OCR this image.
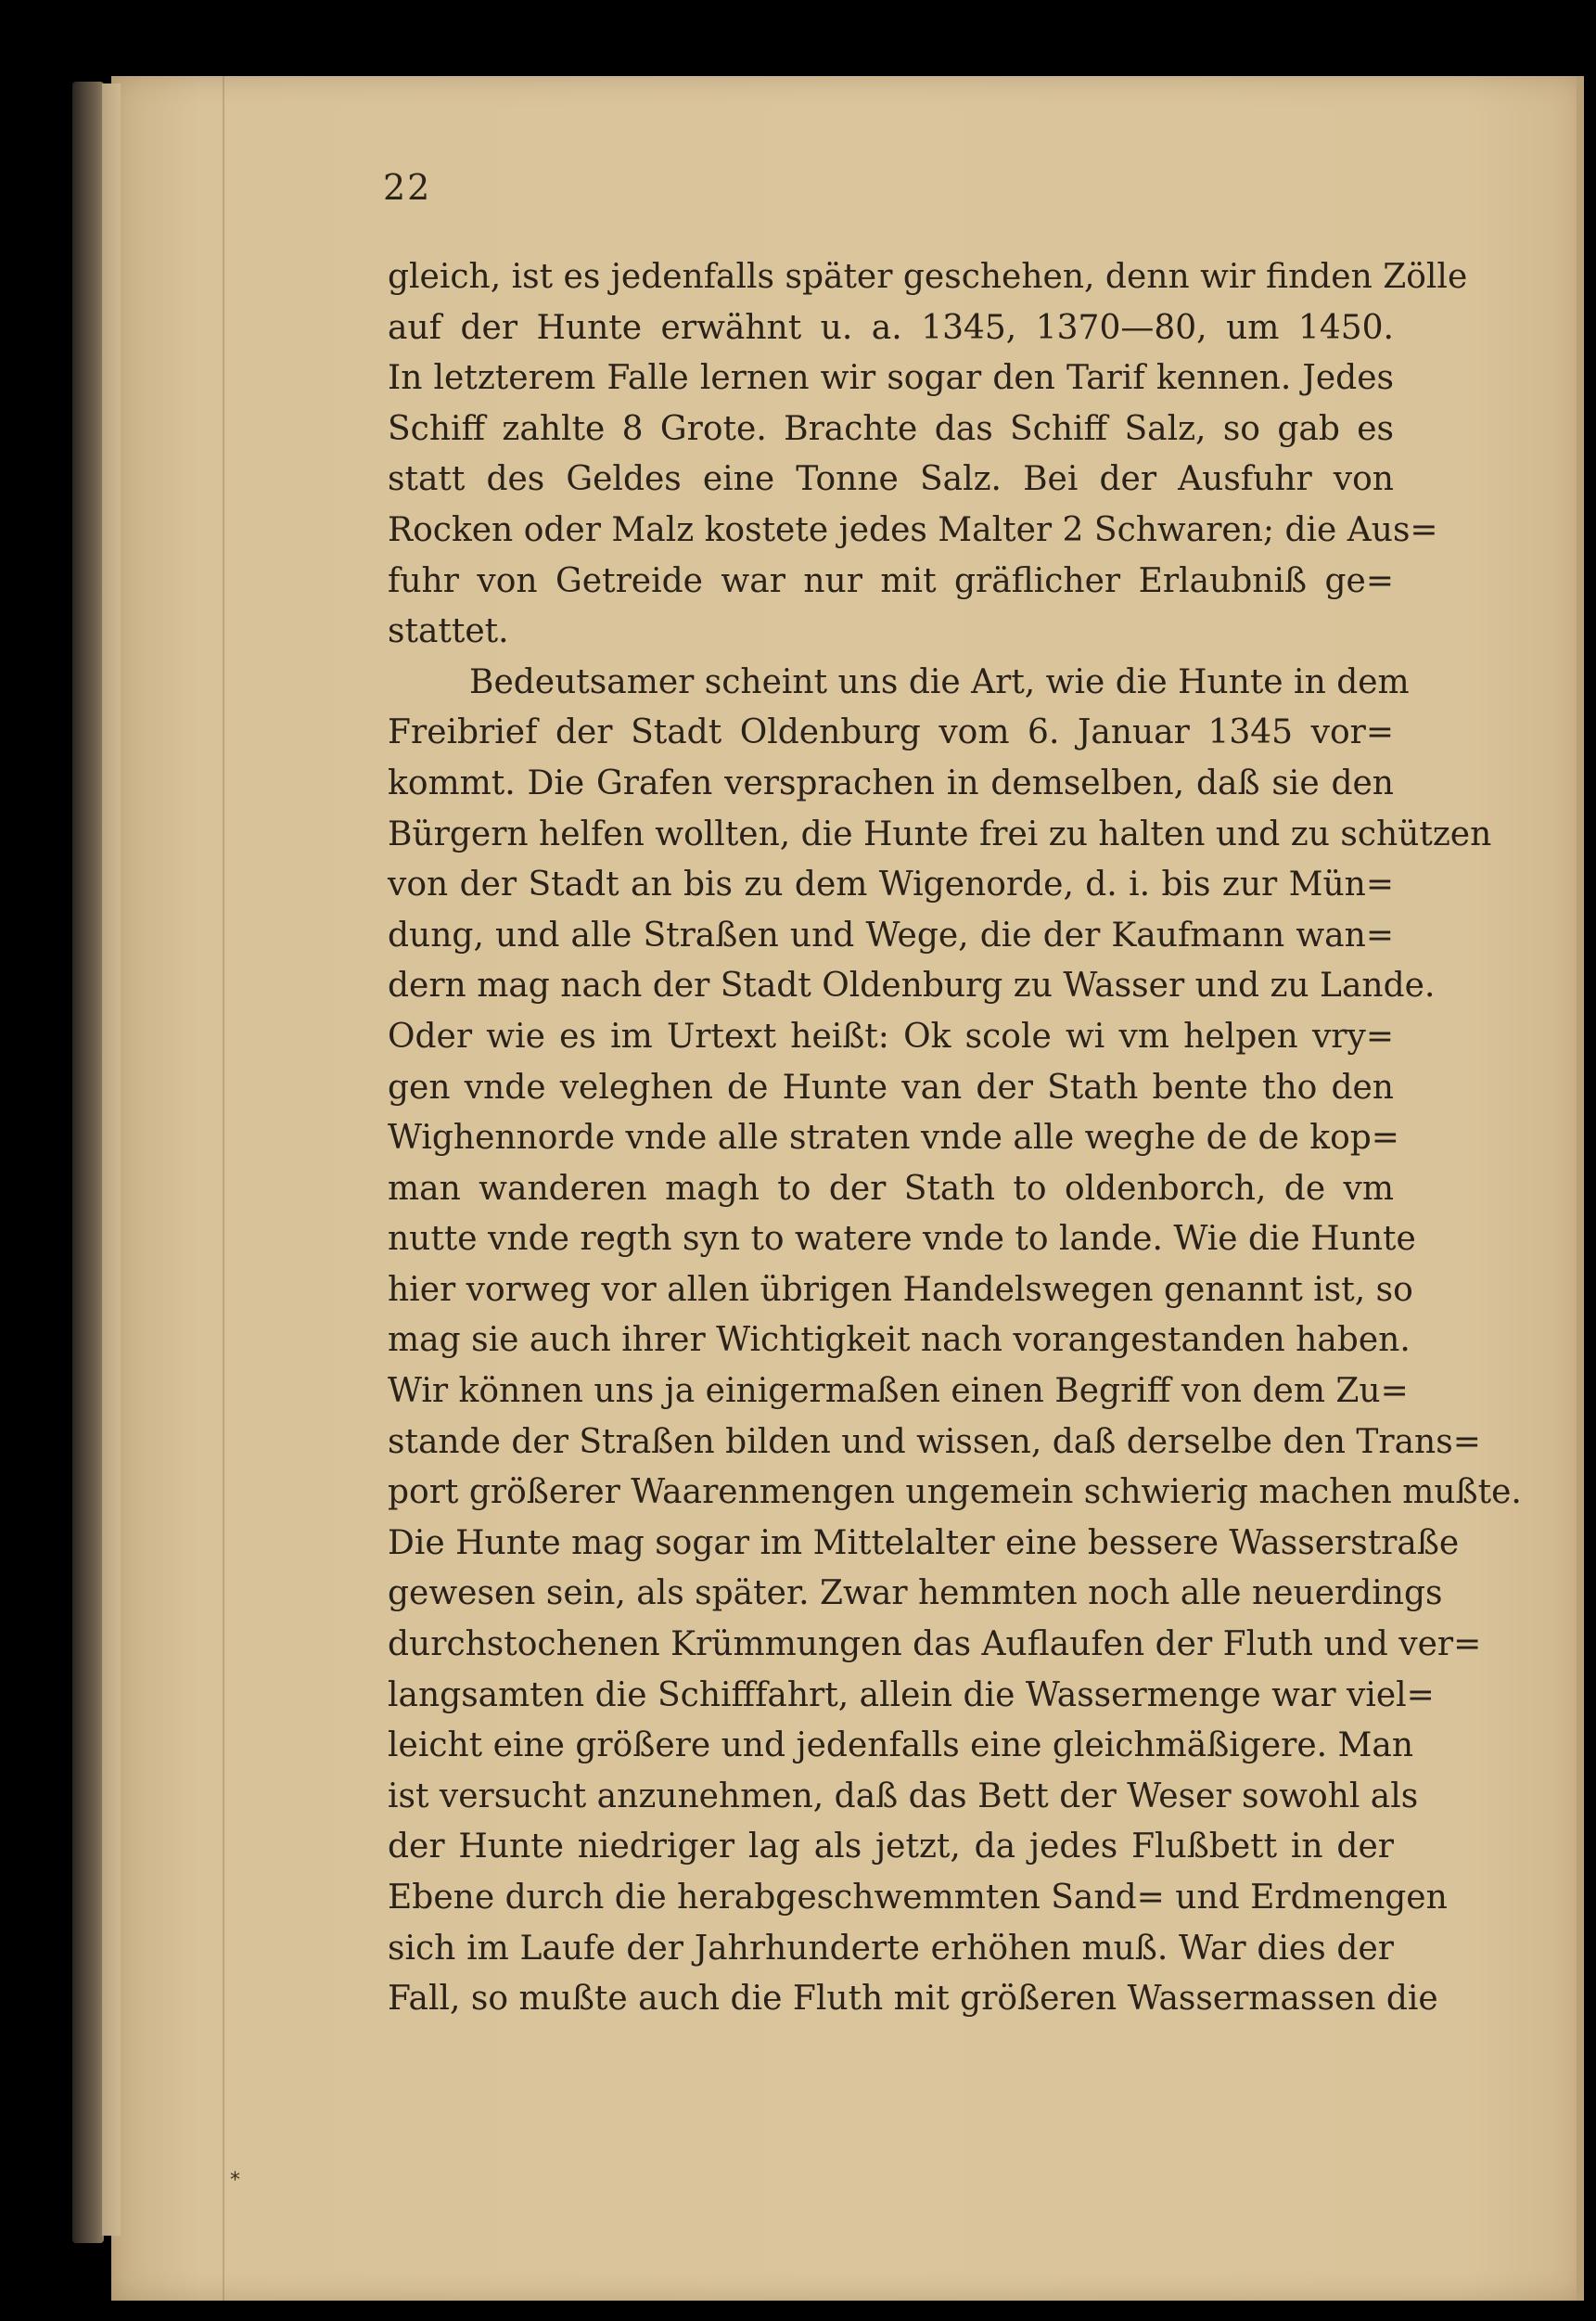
22
gleich, ist es jedenfalls später geschehen, denn wir finden Zölle
auf der Hunte erwähnt u. a. 1345, 1370—80, um 1450.
In letzterem Falle lernen wir sogar den Tarif kennen. Jedes
Schiff zahlte 8 Grote. Brachte das Schiff Salz, so gab es
statt des Geldes eine Tonne Salz. Bei der Ausfuhr von
Rocken oder Malz kostete jedes Malter 2 Schwaren; die Aus=
fuhr von Getreide war nur mit gräflicher Erlaubniß ge=
stattet.
Bedeutsamer scheint uns die Art, wie die Hunte in dem
Freibrief der Stadt Oldenburg vom 6. Januar 1345 vor=
kommt. Die Grafen versprachen in demselben, daß sie den
Bürgern helfen wollten, die Hunte frei zu halten und zu schützen
von der Stadt an bis zu dem Wigenorde, d. i. bis zur Mün=
dung, und alle Straßen und Wege, die der Kaufmann wan=
dern mag nach der Stadt Oldenburg zu Wasser und zu Lande.
Oder wie es im Urtext heißt: Ok scole wi vm helpen vry=
gen vnde veleghen de Hunte van der Stath bente tho den
Wighennorde vnde alle straten vnde alle weghe de de kop=
man wanderen magh to der Stath to oldenborch, de vm
nutte vnde regth syn to watere vnde to lande. Wie die Hunte
hier vorweg vor allen übrigen Handelswegen genannt ist, so
mag sie auch ihrer Wichtigkeit nach vorangestanden haben.
Wir können uns ja einigermaßen einen Begriff von dem Zu=
stande der Straßen bilden und wissen, daß derselbe den Trans=
port größerer Waarenmengen ungemein schwierig machen mußte.
Die Hunte mag sogar im Mittelalter eine bessere Wasserstraße
gewesen sein, als später. Zwar hemmten noch alle neuerdings
durchstochenen Krümmungen das Auflaufen der Fluth und ver=
langsamten die Schifffahrt, allein die Wassermenge war viel=
leicht eine größere und jedenfalls eine gleichmäßigere. Man
ist versucht anzunehmen, daß das Bett der Weser sowohl als
der Hunte niedriger lag als jetzt, da jedes Flußbett in der
Ebene durch die herabgeschwemmten Sand= und Erdmengen
sich im Laufe der Jahrhunderte erhöhen muß. War dies der
Fall, so mußte auch die Fluth mit größeren Wassermassen die
*
